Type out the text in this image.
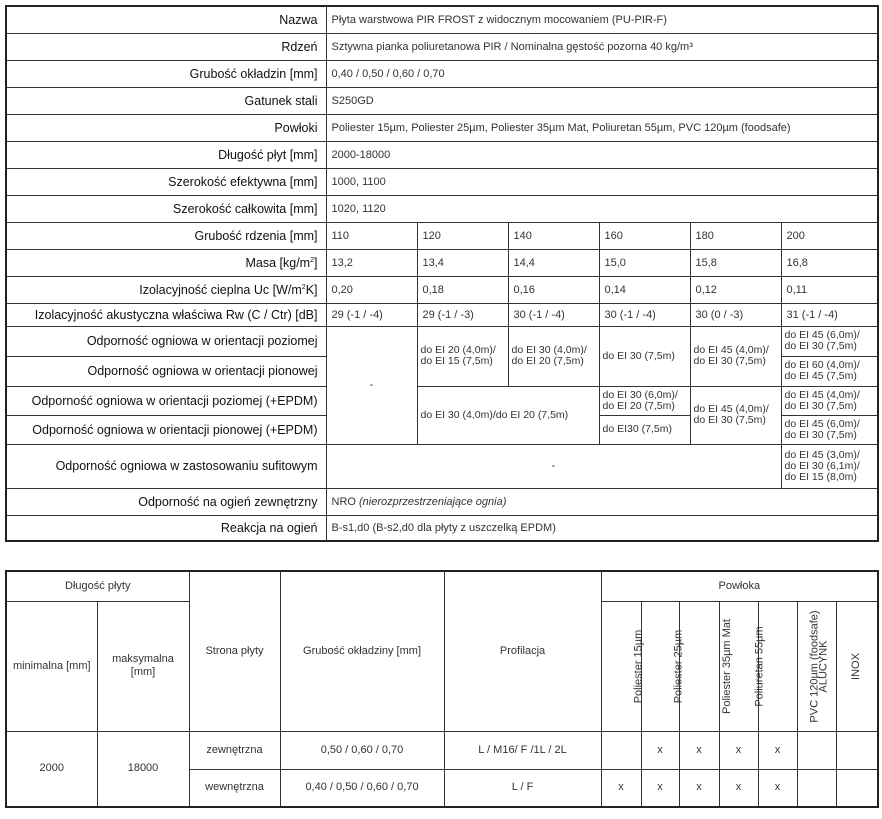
Nazwa	Płyta warstwowa PIR FROST z widocznym mocowaniem (PU-PIR-F)					
Rdzeń	Sztywna pianka poliuretanowa PIR / Nominalna gęstość pozorna 40 kg/m³					
Grubość okładzin [mm]	0,40 / 0,50 / 0,60 / 0,70					
Gatunek stali	S250GD					
Powłoki	Poliester 15µm, Poliester 25µm, Poliester 35µm Mat, Poliuretan 55µm, PVC 120µm (foodsafe)					
Długość płyt [mm]	2000-18000					
Szerokość efektywna [mm]	1000, 1100					
Szerokość całkowita [mm]	1020, 1120					
Grubość rdzenia [mm]	110	120	140	160	180	200
Masa $[kg/m^2]$	13,2	13,4	14,4	15,0	15,8	16,8
Izolacyjność cieplna Uc $[W/m^2K]$	0,20	0,18	0,16	0,14	0,12	0,11
Izolacyjność akustyczna właściwa Rw (C / Ctr) [dB]	29 (-1 / -4)	29 (-1 / -3)	30 (-1 / -4)	30 (-1 / -4)	30 (0 / -3)	31 (-1 / -4)
Odporność ogniowa w orientacji poziomej	-	do EI 20 (4,0m)/ do EI 15 (7,5m)	do EI 30 (4,0m)/ do EI 20 (7,5m)	do EI 30 (7,5m)	do EI 45 (4,0m)/ do EI 30 (7,5m)	do EI 45 (6,0m)/ do EI 30 (7,5m)
Odporność ogniowa w orientacji pionowej						do EI 60 (4,0m)/ do EI 45 (7,5m)
Odporność ogniowa w orientacji poziomej (+EPDM)		do EI 30 (4,0m)/do EI 20 (7,5m)		do EI 30 (6,0m)/ do EI 20 (7,5m)	do EI 45 (4,0m)/ do EI 30 (7,5m)	do EI 45 (4,0m)/ do EI 30 (7,5m)
Odporność ogniowa w orientacji pionowej (+EPDM)				do EI30 (7,5m)		do EI 45 (6,0m)/ do EI 30 (7,5m)
Odporność ogniowa w zastosowaniu sufitowym	-					do EI 45 (3,0m)/ do EI 30 (6,1m)/ do EI 15 (8,0m)
Odporność na ogień zewnętrzny	NRO (nierozprzestrzeniające ognia)					
Reakcja na ogień	B-s1,d0 (B-s2,d0 dla płyty z uszczelką EPDM)					
Długość płyty		Strona płyty	Grubość okładziny [mm]	Profilacja	Powłoka						
minimalna [mm]	maksymalna [mm]				Poliester 15µm	Poliester 25µm	Poliester 35µm Mat	Poliuretan 55µm	PVC 120µm (foodsafe)	ALUCYNK	INOX
2000	18000	zewnętrzna	0,50 / 0,60 / 0,70	L / M16/ F /1L / 2L		x	x	x	x		
		wewnętrzna	0,40 / 0,50 / 0,60 / 0,70	L / F	x	x	x	x	x		
